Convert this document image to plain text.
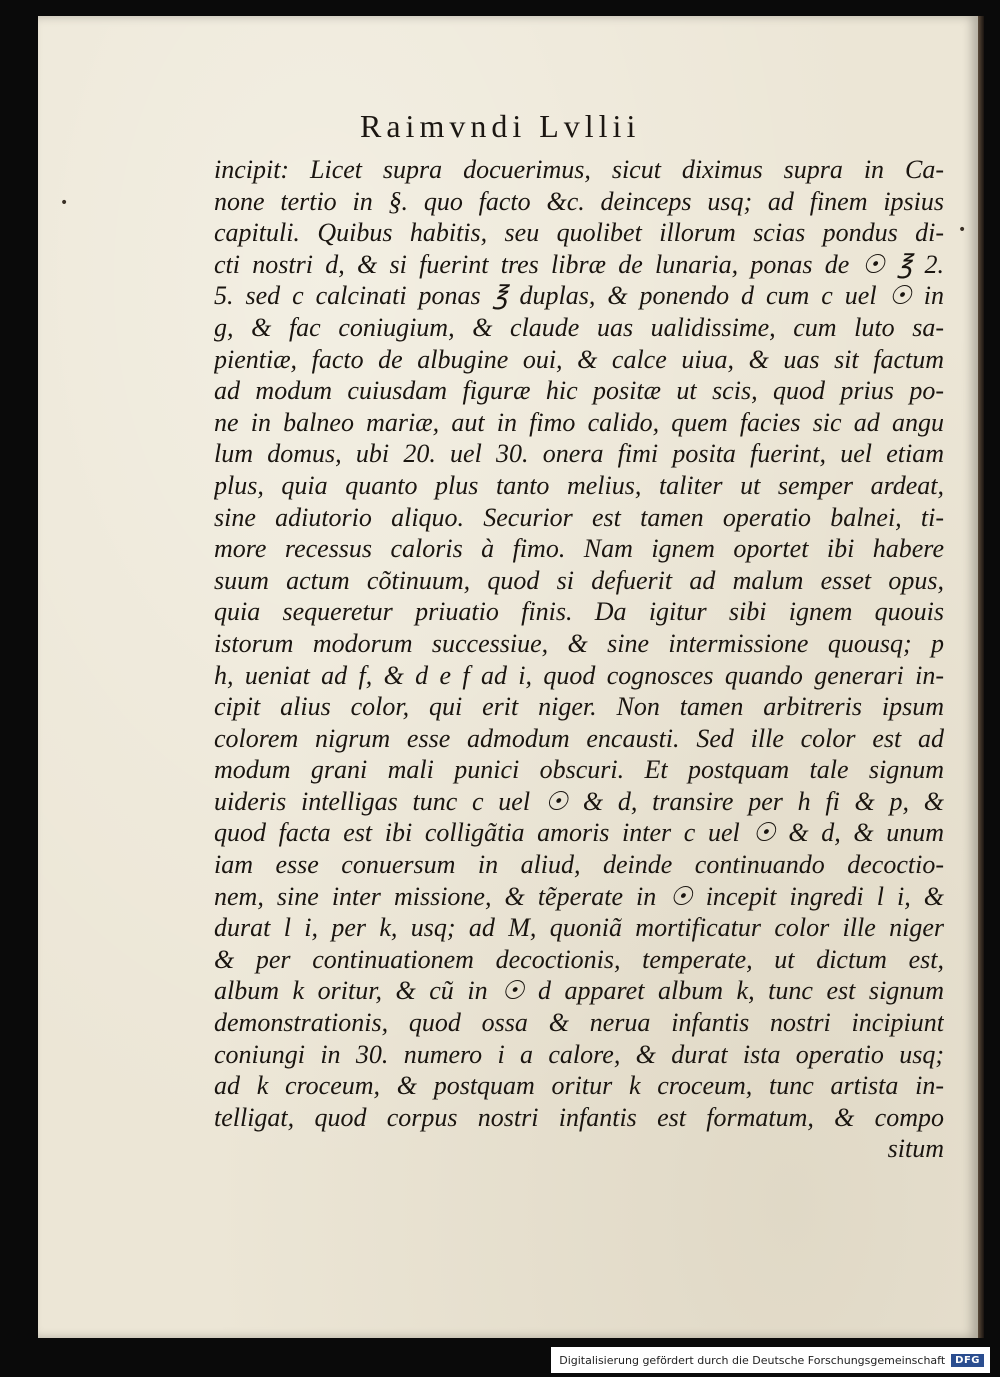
•
•
Raimvndi Lvllii
incipit: Licet supra docuerimus, sicut diximus supra in Ca-
none tertio in §. quo facto &c. deinceps usq; ad finem ipsius
capituli. Quibus habitis, seu quolibet illorum scias pondus di-
cti nostri d, & si fuerint tres libræ de lunaria, ponas de ☉ ℥ 2.
5. sed c calcinati ponas ℥ duplas, & ponendo d cum c uel ☉ in
g, & fac coniugium, & claude uas ualidissime, cum luto sa-
pientiæ, facto de albugine oui, & calce uiua, & uas sit factum
ad modum cuiusdam figuræ hic positæ ut scis, quod prius po-
ne in balneo mariæ, aut in fimo calido, quem facies sic ad angu
lum domus, ubi 20. uel 30. onera fimi posita fuerint, uel etiam
plus, quia quanto plus tanto melius, taliter ut semper ardeat,
sine adiutorio aliquo. Securior est tamen operatio balnei, ti-
more recessus caloris à fimo. Nam ignem oportet ibi habere
suum actum cõtinuum, quod si defuerit ad malum esset opus,
quia sequeretur priuatio finis. Da igitur sibi ignem quouis
istorum modorum successiue, & sine intermissione quousq; p
h, ueniat ad f, & d e f ad i, quod cognosces quando generari in-
cipit alius color, qui erit niger. Non tamen arbitreris ipsum
colorem nigrum esse admodum encausti. Sed ille color est ad
modum grani mali punici obscuri. Et postquam tale signum
uideris intelligas tunc c uel ☉ & d, transire per h fi & p, &
quod facta est ibi colligãtia amoris inter c uel ☉ & d, & unum
iam esse conuersum in aliud, deinde continuando decoctio-
nem, sine inter missione, & tẽperate in ☉ incepit ingredi l i, &
durat l i, per k, usq; ad M, quoniã mortificatur color ille niger
& per continuationem decoctionis, temperate, ut dictum est,
album k oritur, & cũ in ☉ d apparet album k, tunc est signum
demonstrationis, quod ossa & nerua infantis nostri incipiunt
coniungi in 30. numero i a calore, & durat ista operatio usq;
ad k croceum, & postquam oritur k croceum, tunc artista in-
telligat, quod corpus nostri infantis est formatum, & compo
situm
Digitalisierung gefördert durch die Deutsche Forschungsgemeinschaft	DFG
